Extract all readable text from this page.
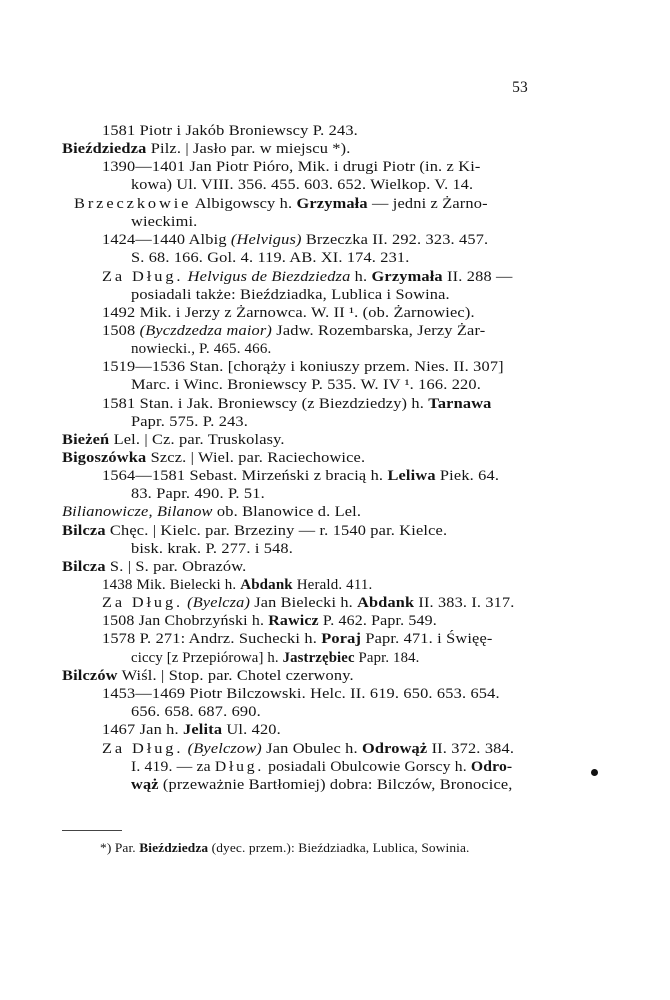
53
1581 Piotr i Jakób Broniewscy P. 243.
Bieździedza Pilz. | Jasło par. w miejscu *).
1390—1401 Jan Piotr Pióro, Mik. i drugi Piotr (in. z Ki-
kowa) Ul. VIII. 356. 455. 603. 652. Wielkop. V. 14.
Brzeczkowie Albigowscy h. Grzymała — jedni z Żarno-
wieckimi.
1424—1440 Albig (Helvigus) Brzeczka II. 292. 323. 457.
S. 68. 166. Gol. 4. 119. AB. XI. 174. 231.
Za Dług. Helvigus de Biezdziedza h. Grzymała II. 288 —
posiadali także: Bieździadka, Lublica i Sowina.
1492 Mik. i Jerzy z Żarnowca. W. II ¹. (ob. Żarnowiec).
1508 (Byczdzedza maior) Jadw. Rozembarska, Jerzy Żar-
nowiecki., P. 465. 466.
1519—1536 Stan. [chorąży i koniuszy przem. Nies. II. 307]
Marc. i Winc. Broniewscy P. 535. W. IV ¹. 166. 220.
1581 Stan. i Jak. Broniewscy (z Biezdziedzy) h. Tarnawa
Papr. 575. P. 243.
Bieżeń Lel. | Cz. par. Truskolasy.
Bigoszówka Szcz. | Wiel. par. Raciechowice.
1564—1581 Sebast. Mirzeński z bracią h. Leliwa Piek. 64.
83. Papr. 490. P. 51.
Bilianowicze, Bilanow ob. Blanowice d. Lel.
Bilcza Chęc. | Kielc. par. Brzeziny — r. 1540 par. Kielce.
bisk. krak. P. 277. i 548.
Bilcza S. | S. par. Obrazów.
1438 Mik. Bielecki h. Abdank Herald. 411.
Za Dług. (Byelcza) Jan Bielecki h. Abdank II. 383. I. 317.
1508 Jan Chobrzyński h. Rawicz P. 462. Papr. 549.
1578 P. 271: Andrz. Suchecki h. Poraj Papr. 471. i Święę-
ciccy [z Przepiórowa] h. Jastrzębiec Papr. 184.
Bilczów Wiśl. | Stop. par. Chotel czerwony.
1453—1469 Piotr Bilczowski. Helc. II. 619. 650. 653. 654.
656. 658. 687. 690.
1467 Jan h. Jelita Ul. 420.
Za Dług. (Byelczow) Jan Obulec h. Odrowąż II. 372. 384.
I. 419. — za Dług. posiadali Obulcowie Gorscy h. Odro-
wąż (przeważnie Bartłomiej) dobra: Bilczów, Bronocice,
*) Par. Bieździedza (dyec. przem.): Bieździadka, Lublica, Sowinia.
